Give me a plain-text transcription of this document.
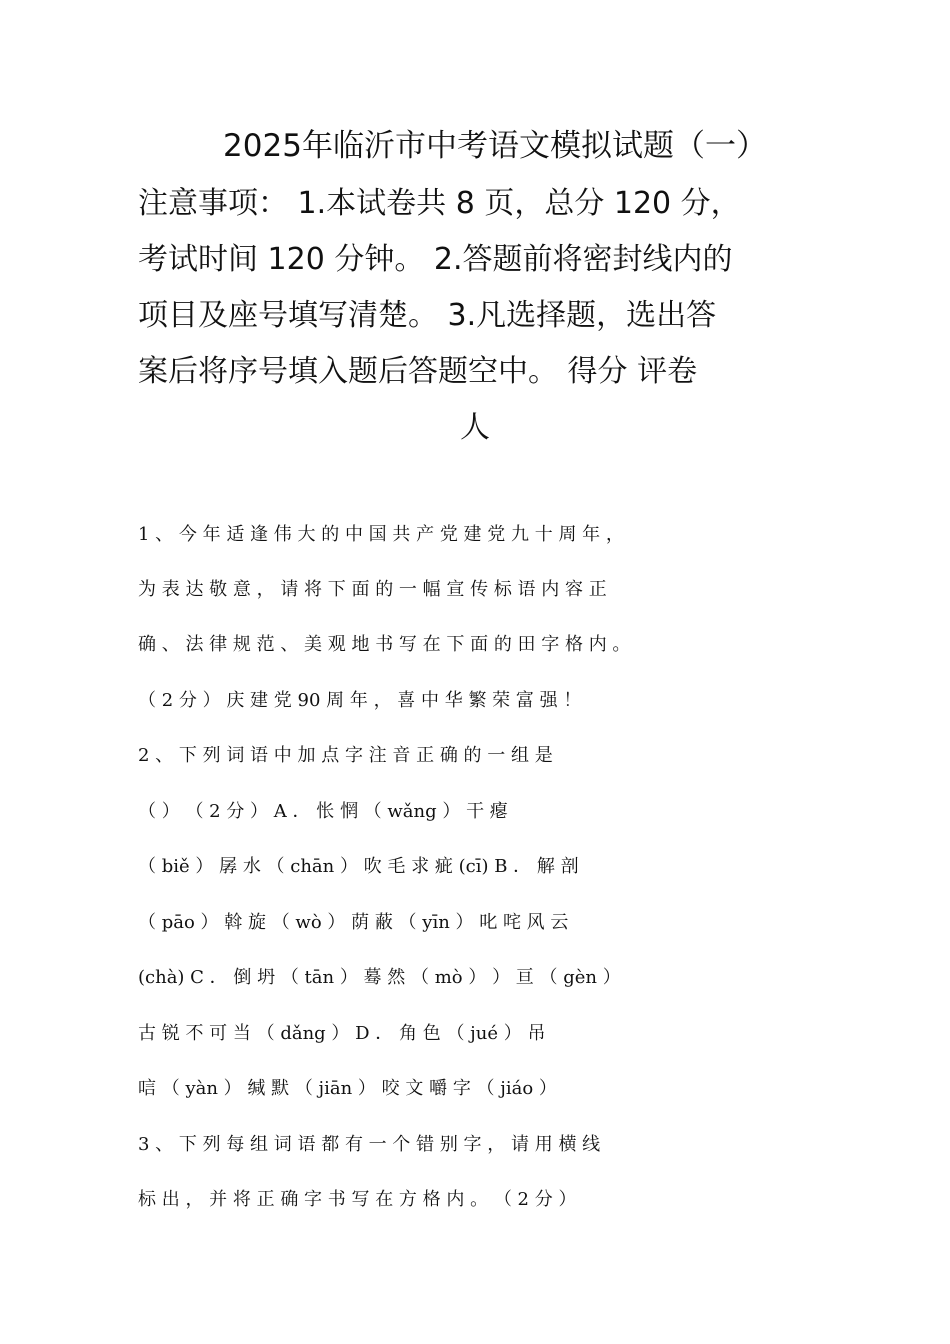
2025年临沂市中考语文模拟试题（一）
注意事项： 1.本试卷共 8 页，总分 120 分，
考试时间 120 分钟。 2.答题前将密封线内的
项目及座号填写清楚。 3.凡选择题，选出答
案后将序号填入题后答题空中。 得分 评卷
人
1 、 今 年 适 逢 伟 大 的 中 国 共 产 党 建 党 九 十 周 年 ，
为 表 达 敬 意 ， 请 将 下 面 的 一 幅 宣 传 标 语 内 容 正
确 、 法 律 规 范 、 美 观 地 书 写 在 下 面 的 田 字 格 内 。
（ 2 分 ） 庆 建 党 90 周 年 ， 喜 中 华 繁 荣 富 强 ！
2 、 下 列 词 语 中 加 点 字 注 音 正 确 的 一 组 是
（ ） （ 2 分 ） A ． 怅 惘 （ wǎng ） 干 瘪
（ biě ） 孱 水 （ chān ） 吹 毛 求 疵 (cī) B ． 解 剖
（ pāo ） 斡 旋 （ wò ） 荫 蔽 （ yīn ） 叱 咤 风 云
(chà) C ． 倒 坍 （ tān ） 蓦 然 （ mò ） ） 亘 （ gèn ）
古 锐 不 可 当 （ dǎng ） D ． 角 色 （ jué ） 吊
唁 （ yàn ） 缄 默 （ jiān ） 咬 文 嚼 字 （ jiáo ）
3 、 下 列 每 组 词 语 都 有 一 个 错 别 字 ， 请 用 横 线
标 出 ， 并 将 正 确 字 书 写 在 方 格 内 。 （ 2 分 ）
